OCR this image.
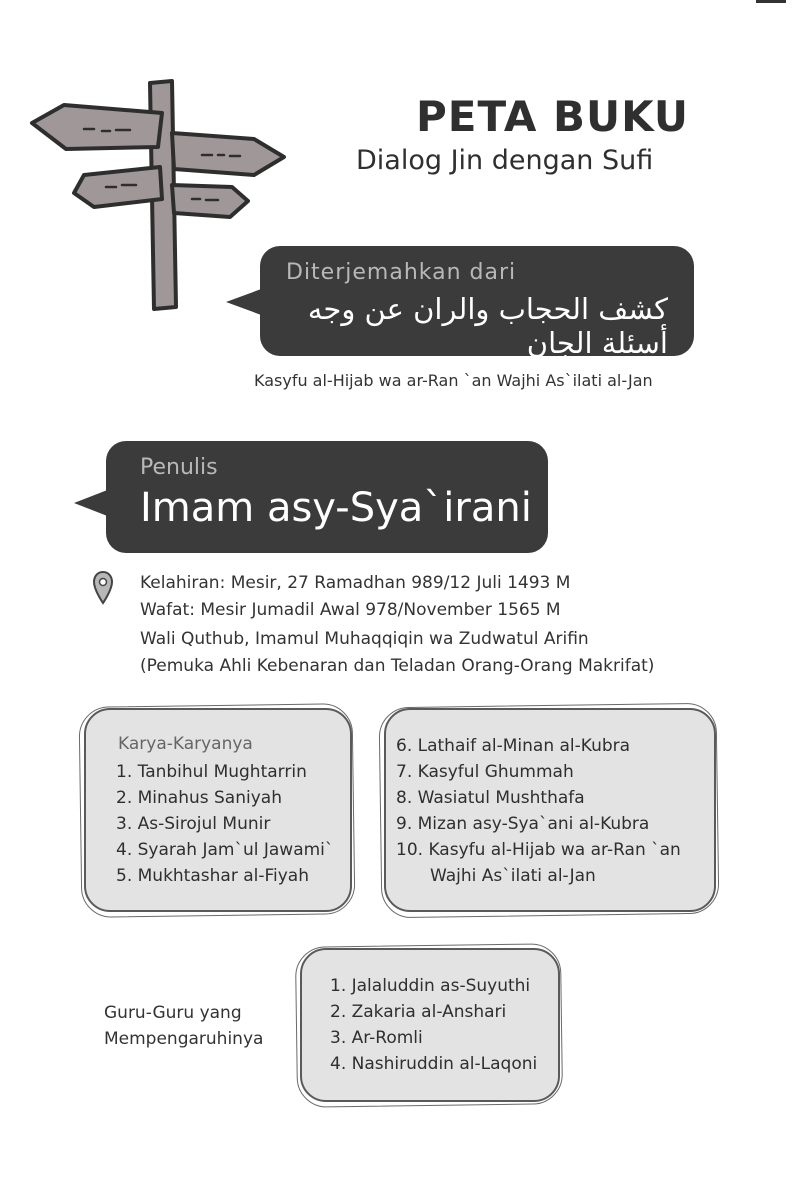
PETA BUKU
Dialog Jin dengan Sufi
Diterjemahkan dari
كشف الحجاب والران عن وجه أسئلة الجان
Kasyfu al-Hijab wa ar-Ran `an Wajhi As`ilati al-Jan
Penulis
Imam asy-Sya`irani
Kelahiran: Mesir, 27 Ramadhan 989/12 Juli 1493 M
Wafat: Mesir Jumadil Awal 978/November 1565 M
Wali Quthub, Imamul Muhaqqiqin wa Zudwatul Arifin
(Pemuka Ahli Kebenaran dan Teladan Orang-Orang Makrifat)
Karya-Karyanya
1. Tanbihul Mughtarrin
2. Minahus Saniyah
3. As-Sirojul Munir
4. Syarah Jam`ul Jawami`
5. Mukhtashar al-Fiyah
6. Lathaif al-Minan al-Kubra
7. Kasyful Ghummah
8. Wasiatul Mushthafa
9. Mizan asy-Sya`ani al-Kubra
10. Kasyfu al-Hijab wa ar-Ran `an
Wajhi As`ilati al-Jan
Guru-Guru yang
Mempengaruhinya
1. Jalaluddin as-Suyuthi
2. Zakaria al-Anshari
3. Ar-Romli
4. Nashiruddin al-Laqoni
